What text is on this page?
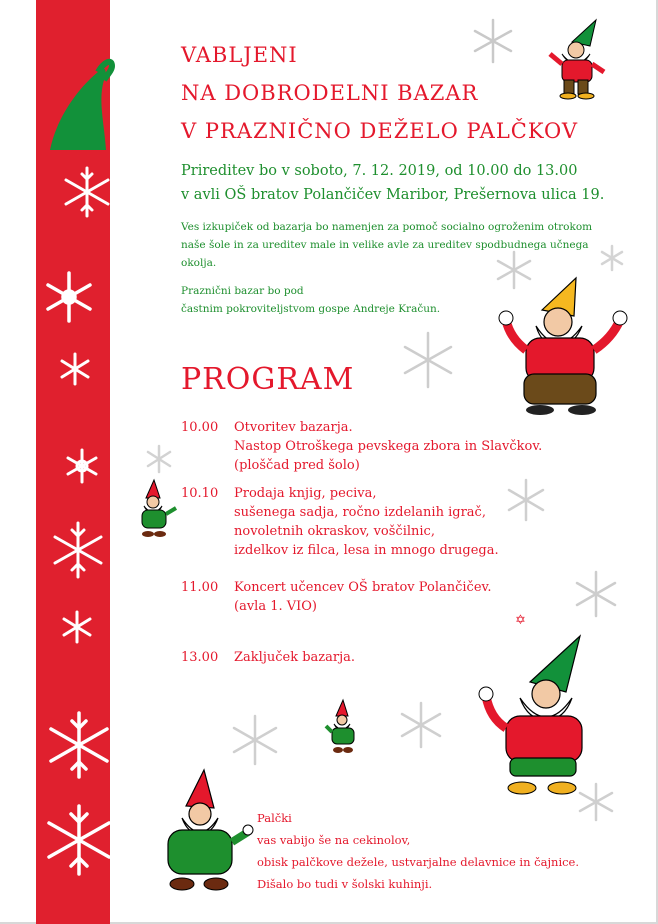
✡
VABLJENI
NA DOBRODELNI BAZAR
V PRAZNIČNO DEŽELO PALČKOV
Prireditev bo v soboto, 7. 12. 2019, od 10.00 do 13.00
v avli OŠ bratov Polančičev Maribor, Prešernova ulica 19.
Ves izkupiček od bazarja bo namenjen za pomoč socialno ogroženim otrokom
naše šole in za ureditev male in velike avle za ureditev spodbudnega učnega
okolja.
Praznični bazar bo pod
častnim pokroviteljstvom gospe Andreje Kračun.
PROGRAM
10.00 Otvoritev bazarja.
Nastop Otroškega pevskega zbora in Slavčkov.
(ploščad pred šolo)
10.10 Prodaja knjig, peciva,
sušenega sadja, ročno izdelanih igrač,
novoletnih okraskov, voščilnic,
izdelkov iz filca, lesa in mnogo drugega.
11.00 Koncert učencev OŠ bratov Polančičev.
(avla 1. VIO)
13.00 Zaključek bazarja.
Palčki
vas vabijo še na cekinolov,
obisk palčkove dežele, ustvarjalne delavnice in čajnice.
Dišalo bo tudi v šolski kuhinji.
